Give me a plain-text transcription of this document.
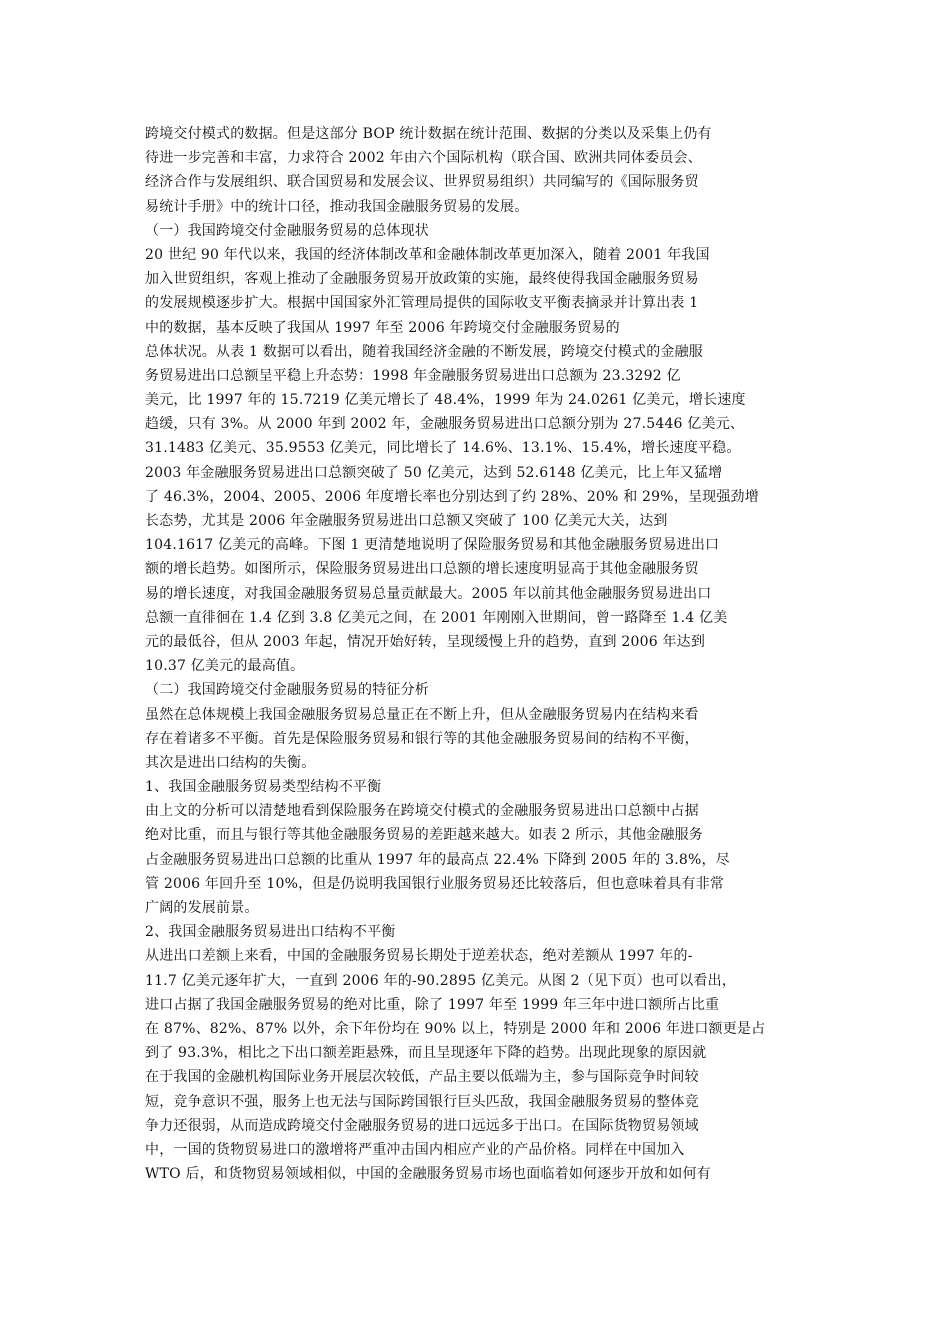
跨境交付模式的数据。但是这部分 BOP 统计数据在统计范围、数据的分类以及采集上仍有
待进一步完善和丰富，力求符合 2002 年由六个国际机构（联合国、欧洲共同体委员会、
经济合作与发展组织、联合国贸易和发展会议、世界贸易组织）共同编写的《国际服务贸
易统计手册》中的统计口径，推动我国金融服务贸易的发展。
（一）我国跨境交付金融服务贸易的总体现状
20 世纪 90 年代以来，我国的经济体制改革和金融体制改革更加深入，随着 2001 年我国
加入世贸组织，客观上推动了金融服务贸易开放政策的实施，最终使得我国金融服务贸易
的发展规模逐步扩大。根据中国国家外汇管理局提供的国际收支平衡表摘录并计算出表 1
中的数据，基本反映了我国从 1997 年至 2006 年跨境交付金融服务贸易的
总体状况。从表 1 数据可以看出，随着我国经济金融的不断发展，跨境交付模式的金融服
务贸易进出口总额呈平稳上升态势：1998 年金融服务贸易进出口总额为 23.3292 亿
美元，比 1997 年的 15.7219 亿美元增长了 48.4%，1999 年为 24.0261 亿美元，增长速度
趋缓，只有 3%。从 2000 年到 2002 年，金融服务贸易进出口总额分别为 27.5446 亿美元、
31.1483 亿美元、35.9553 亿美元，同比增长了 14.6%、13.1%、15.4%，增长速度平稳。
2003 年金融服务贸易进出口总额突破了 50 亿美元，达到 52.6148 亿美元，比上年又猛增
了 46.3%，2004、2005、2006 年度增长率也分别达到了约 28%、20% 和 29%，呈现强劲增
长态势，尤其是 2006 年金融服务贸易进出口总额又突破了 100 亿美元大关，达到
104.1617 亿美元的高峰。下图 1 更清楚地说明了保险服务贸易和其他金融服务贸易进出口
额的增长趋势。如图所示，保险服务贸易进出口总额的增长速度明显高于其他金融服务贸
易的增长速度，对我国金融服务贸易总量贡献最大。2005 年以前其他金融服务贸易进出口
总额一直徘徊在 1.4 亿到 3.8 亿美元之间，在 2001 年刚刚入世期间，曾一路降至 1.4 亿美
元的最低谷，但从 2003 年起，情况开始好转，呈现缓慢上升的趋势，直到 2006 年达到
10.37 亿美元的最高值。
（二）我国跨境交付金融服务贸易的特征分析
虽然在总体规模上我国金融服务贸易总量正在不断上升，但从金融服务贸易内在结构来看
存在着诸多不平衡。首先是保险服务贸易和银行等的其他金融服务贸易间的结构不平衡，
其次是进出口结构的失衡。
1、我国金融服务贸易类型结构不平衡
由上文的分析可以清楚地看到保险服务在跨境交付模式的金融服务贸易进出口总额中占据
绝对比重，而且与银行等其他金融服务贸易的差距越来越大。如表 2 所示，其他金融服务
占金融服务贸易进出口总额的比重从 1997 年的最高点 22.4% 下降到 2005 年的 3.8%，尽
管 2006 年回升至 10%，但是仍说明我国银行业服务贸易还比较落后，但也意味着具有非常
广阔的发展前景。
2、我国金融服务贸易进出口结构不平衡
从进出口差额上来看，中国的金融服务贸易长期处于逆差状态，绝对差额从 1997 年的-
11.7 亿美元逐年扩大，一直到 2006 年的-90.2895 亿美元。从图 2（见下页）也可以看出，
进口占据了我国金融服务贸易的绝对比重，除了 1997 年至 1999 年三年中进口额所占比重
在 87%、82%、87% 以外，余下年份均在 90% 以上，特别是 2000 年和 2006 年进口额更是占
到了 93.3%，相比之下出口额差距悬殊，而且呈现逐年下降的趋势。出现此现象的原因就
在于我国的金融机构国际业务开展层次较低，产品主要以低端为主，参与国际竞争时间较
短，竞争意识不强，服务上也无法与国际跨国银行巨头匹敌，我国金融服务贸易的整体竞
争力还很弱，从而造成跨境交付金融服务贸易的进口远远多于出口。在国际货物贸易领域
中，一国的货物贸易进口的激增将严重冲击国内相应产业的产品价格。同样在中国加入
WTO 后，和货物贸易领域相似，中国的金融服务贸易市场也面临着如何逐步开放和如何有
